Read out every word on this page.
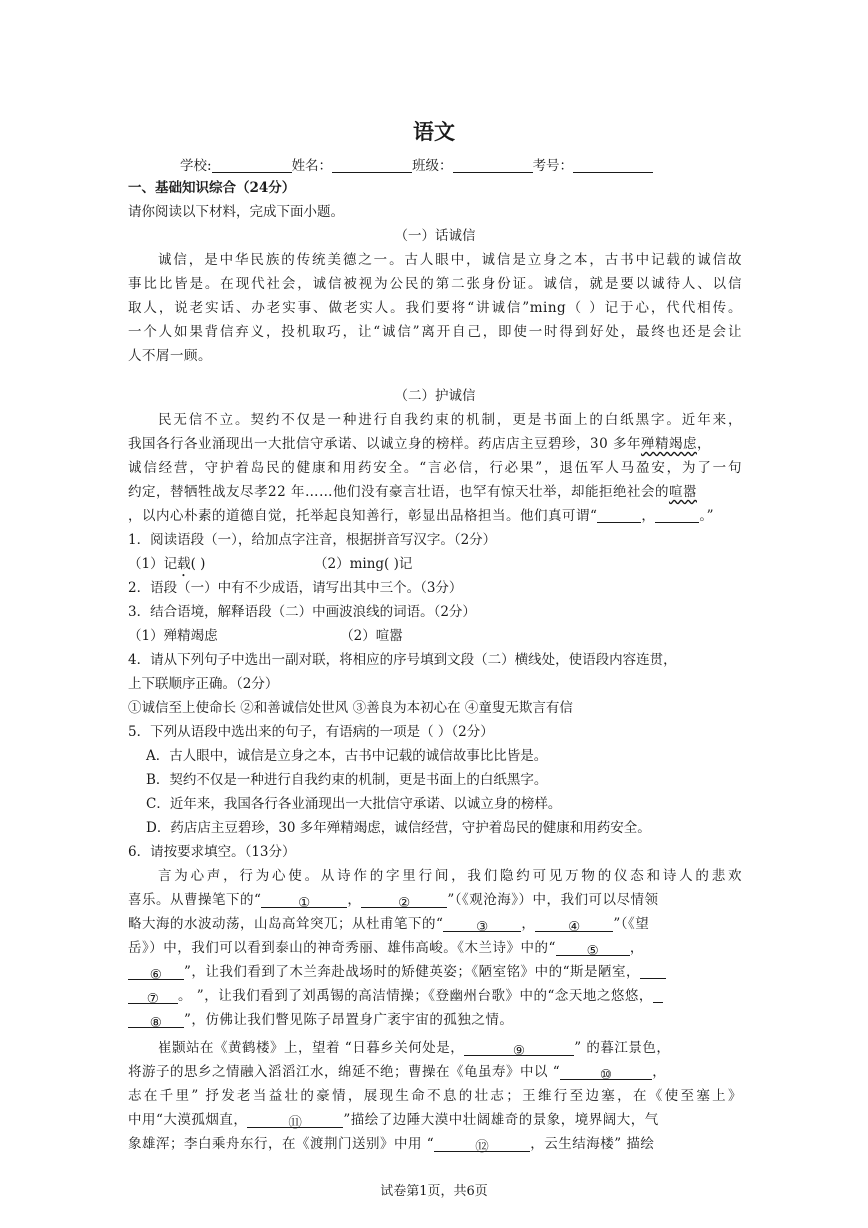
语文
学校:	姓名：	班级：	考号：
一、基础知识综合（24分）
请你阅读以下材料，完成下面小题。
（一）话诚信
诚信，是中华民族的传统美德之一。古人眼中，诚信是立身之本，古书中记载的诚信故
事比比皆是。在现代社会，诚信被视为公民的第二张身份证。诚信，就是要以诚待人、以信
取人，说老实话、办老实事、做老实人。我们要将“讲诚信”ming（ ）记于心，代代相传。
一个人如果背信弃义，投机取巧，让“诚信”离开自己，即使一时得到好处，最终也还是会让
人不屑一顾。
（二）护诚信
民无信不立。契约不仅是一种进行自我约束的机制，更是书面上的白纸黑字。近年来，
我国各行各业涌现出一大批信守承诺、以诚立身的榜样。药店店主豆碧珍，30 多年殚精竭虑，
诚信经营，守护着岛民的健康和用药安全。“言必信，行必果”，退伍军人马盈安，为了一句
约定，替牺牲战友尽孝22 年……他们没有豪言壮语，也罕有惊天壮举，却能拒绝社会的喧嚣
，以内心朴素的道德自觉，托举起良知善行，彰显出品格担当。他们真可谓“	，	。”
1．阅读语段（一），给加点字注音，根据拼音写汉字。（2分）
（1）记载( )	（2）ming( )记
2．语段（一）中有不少成语，请写出其中三个。（3分）
3．结合语境，解释语段（二）中画波浪线的词语。（2分）
（1）殚精竭虑	（2）喧嚣
4．请从下列句子中选出一副对联，将相应的序号填到文段（二）横线处，使语段内容连贯，
上下联顺序正确。（2分）
①诚信至上使命长 ②和善诚信处世风 ③善良为本初心在 ④童叟无欺言有信
5．下列从语段中选出来的句子，有语病的一项是（ ）（2分）
A．古人眼中，诚信是立身之本，古书中记载的诚信故事比比皆是。
B．契约不仅是一种进行自我约束的机制，更是书面上的白纸黑字。
C．近年来，我国各行各业涌现出一大批信守承诺、以诚立身的榜样。
D．药店店主豆碧珍，30 多年殚精竭虑，诚信经营，守护着岛民的健康和用药安全。
6．请按要求填空。（13分）
言为心声，行为心使。从诗作的字里行间，我们隐约可见万物的仪态和诗人的悲欢
喜乐。从曹操笔下的“	①	，	②	”（《观沧海》）中，我们可以尽情领
略大海的水波动荡，山岛高耸突兀；从杜甫笔下的“ ③ ， ④ ”（《望
岳》）中，我们可以看到泰山的神奇秀丽、雄伟高峻。《木兰诗》中的“ ⑤ ，
⑥ ”，让我们看到了木兰奔赴战场时的矫健英姿；《陋室铭》中的“斯是陋室，
⑦ 。 ”，让我们看到了刘禹锡的高洁情操；《登幽州台歌》中的“念天地之悠悠，
⑧ ”，仿佛让我们瞥见陈子昂置身广袤宇宙的孤独之情。
崔颢站在《黄鹤楼》上，望着 “日暮乡关何处是，	⑨	” 的暮江景色，
将游子的思乡之情融入滔滔江水，绵延不绝；曹操在《龟虽寿》中以 “	⑩	，
志在千里” 抒发老当益壮的豪情，展现生命不息的壮志；王维行至边塞，在《使至塞上》
中用“大漠孤烟直，	⑪	”描绘了边陲大漠中壮阔雄奇的景象，境界阔大，气
象雄浑；李白乘舟东行，在《渡荆门送别》中用 “	⑫	，云生结海楼” 描绘
试卷第1页，共6页
